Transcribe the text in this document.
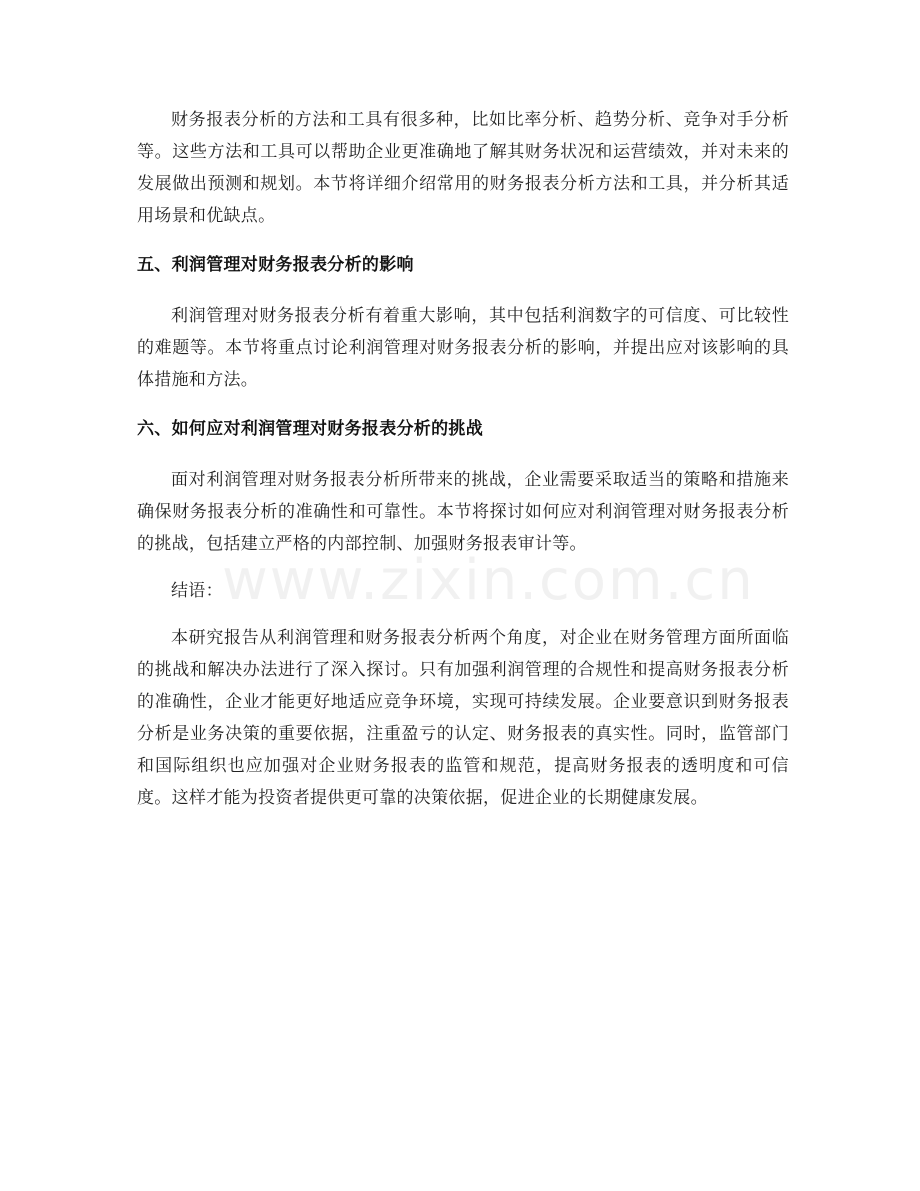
财务报表分析的方法和工具有很多种，比如比率分析、趋势分析、竞争对手分析等。这些方法和工具可以帮助企业更准确地了解其财务状况和运营绩效，并对未来的发展做出预测和规划。本节将详细介绍常用的财务报表分析方法和工具，并分析其适用场景和优缺点。

五、利润管理对财务报表分析的影响

利润管理对财务报表分析有着重大影响，其中包括利润数字的可信度、可比较性的难题等。本节将重点讨论利润管理对财务报表分析的影响，并提出应对该影响的具体措施和方法。

六、如何应对利润管理对财务报表分析的挑战

面对利润管理对财务报表分析所带来的挑战，企业需要采取适当的策略和措施来确保财务报表分析的准确性和可靠性。本节将探讨如何应对利润管理对财务报表分析的挑战，包括建立严格的内部控制、加强财务报表审计等。

结语：

本研究报告从利润管理和财务报表分析两个角度，对企业在财务管理方面所面临的挑战和解决办法进行了深入探讨。只有加强利润管理的合规性和提高财务报表分析的准确性，企业才能更好地适应竞争环境，实现可持续发展。企业要意识到财务报表分析是业务决策的重要依据，注重盈亏的认定、财务报表的真实性。同时，监管部门和国际组织也应加强对企业财务报表的监管和规范，提高财务报表的透明度和可信度。这样才能为投资者提供更可靠的决策依据，促进企业的长期健康发展。

www.zixin.com.cn
